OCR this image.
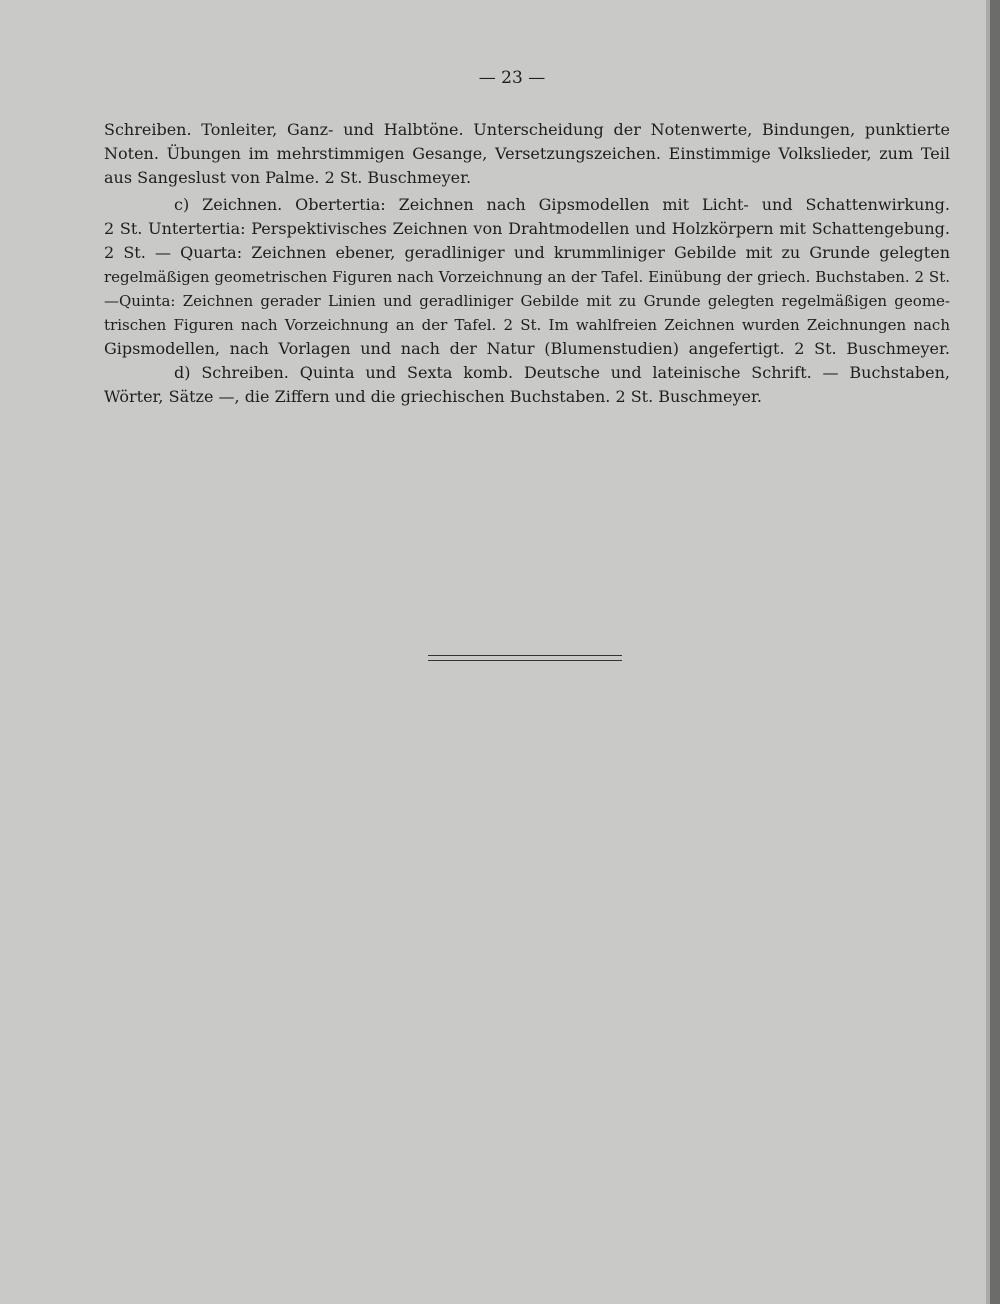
— 23 —
Schreiben. Tonleiter, Ganz- und Halbtöne. Unterscheidung der Notenwerte, Bindungen, punktierte
Noten. Übungen im mehrstimmigen Gesange, Versetzungszeichen. Einstimmige Volkslieder, zum Teil
aus Sangeslust von Palme. 2 St. Buschmeyer.
c) Zeichnen. Obertertia: Zeichnen nach Gipsmodellen mit Licht- und Schattenwirkung.
2 St. Untertertia: Perspektivisches Zeichnen von Drahtmodellen und Holzkörpern mit Schattengebung.
2 St. — Quarta: Zeichnen ebener, geradliniger und krummliniger Gebilde mit zu Grunde gelegten
regelmäßigen geometrischen Figuren nach Vorzeichnung an der Tafel. Einübung der griech. Buchstaben. 2 St.
—Quinta: Zeichnen gerader Linien und geradliniger Gebilde mit zu Grunde gelegten regelmäßigen geome-
trischen Figuren nach Vorzeichnung an der Tafel. 2 St. Im wahlfreien Zeichnen wurden Zeichnungen nach
Gipsmodellen, nach Vorlagen und nach der Natur (Blumenstudien) angefertigt. 2 St. Buschmeyer.
d) Schreiben. Quinta und Sexta komb. Deutsche und lateinische Schrift. — Buchstaben,
Wörter, Sätze —, die Ziffern und die griechischen Buchstaben. 2 St. Buschmeyer.
